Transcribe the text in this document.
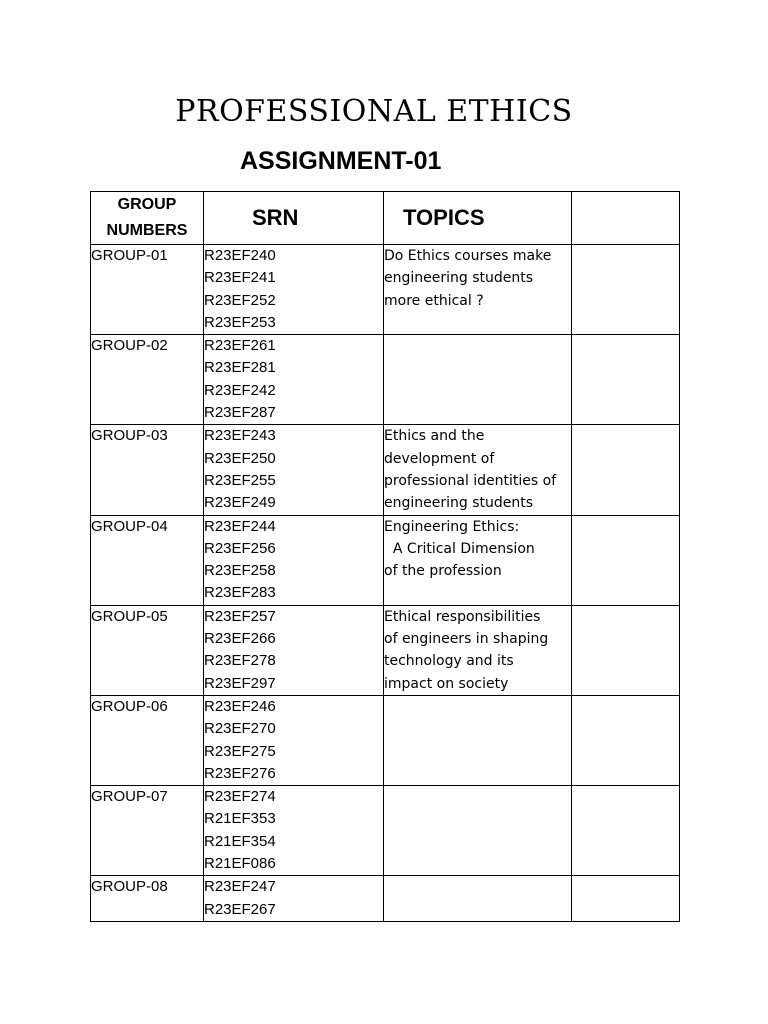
PROFESSIONAL ETHICS
ASSIGNMENT-01
GROUP
NUMBERS	SRN	TOPICS	
GROUP-01	R23EF240
R23EF241
R23EF252
R23EF253	Do Ethics courses make
engineering students
more ethical ?	

GROUP-02	R23EF261
R23EF281
R23EF242
R23EF287		

GROUP-03	R23EF243
R23EF250
R23EF255
R23EF249	Ethics and the
development of
professional identities of
engineering students	

GROUP-04	R23EF244
R23EF256
R23EF258
R23EF283	Engineering Ethics:
A Critical Dimension
of the profession	

GROUP-05	R23EF257
R23EF266
R23EF278
R23EF297	Ethical responsibilities
of engineers in shaping
technology and its
impact on society	

GROUP-06	R23EF246
R23EF270
R23EF275
R23EF276		

GROUP-07	R23EF274
R21EF353
R21EF354
R21EF086		

GROUP-08	R23EF247
R23EF267		
